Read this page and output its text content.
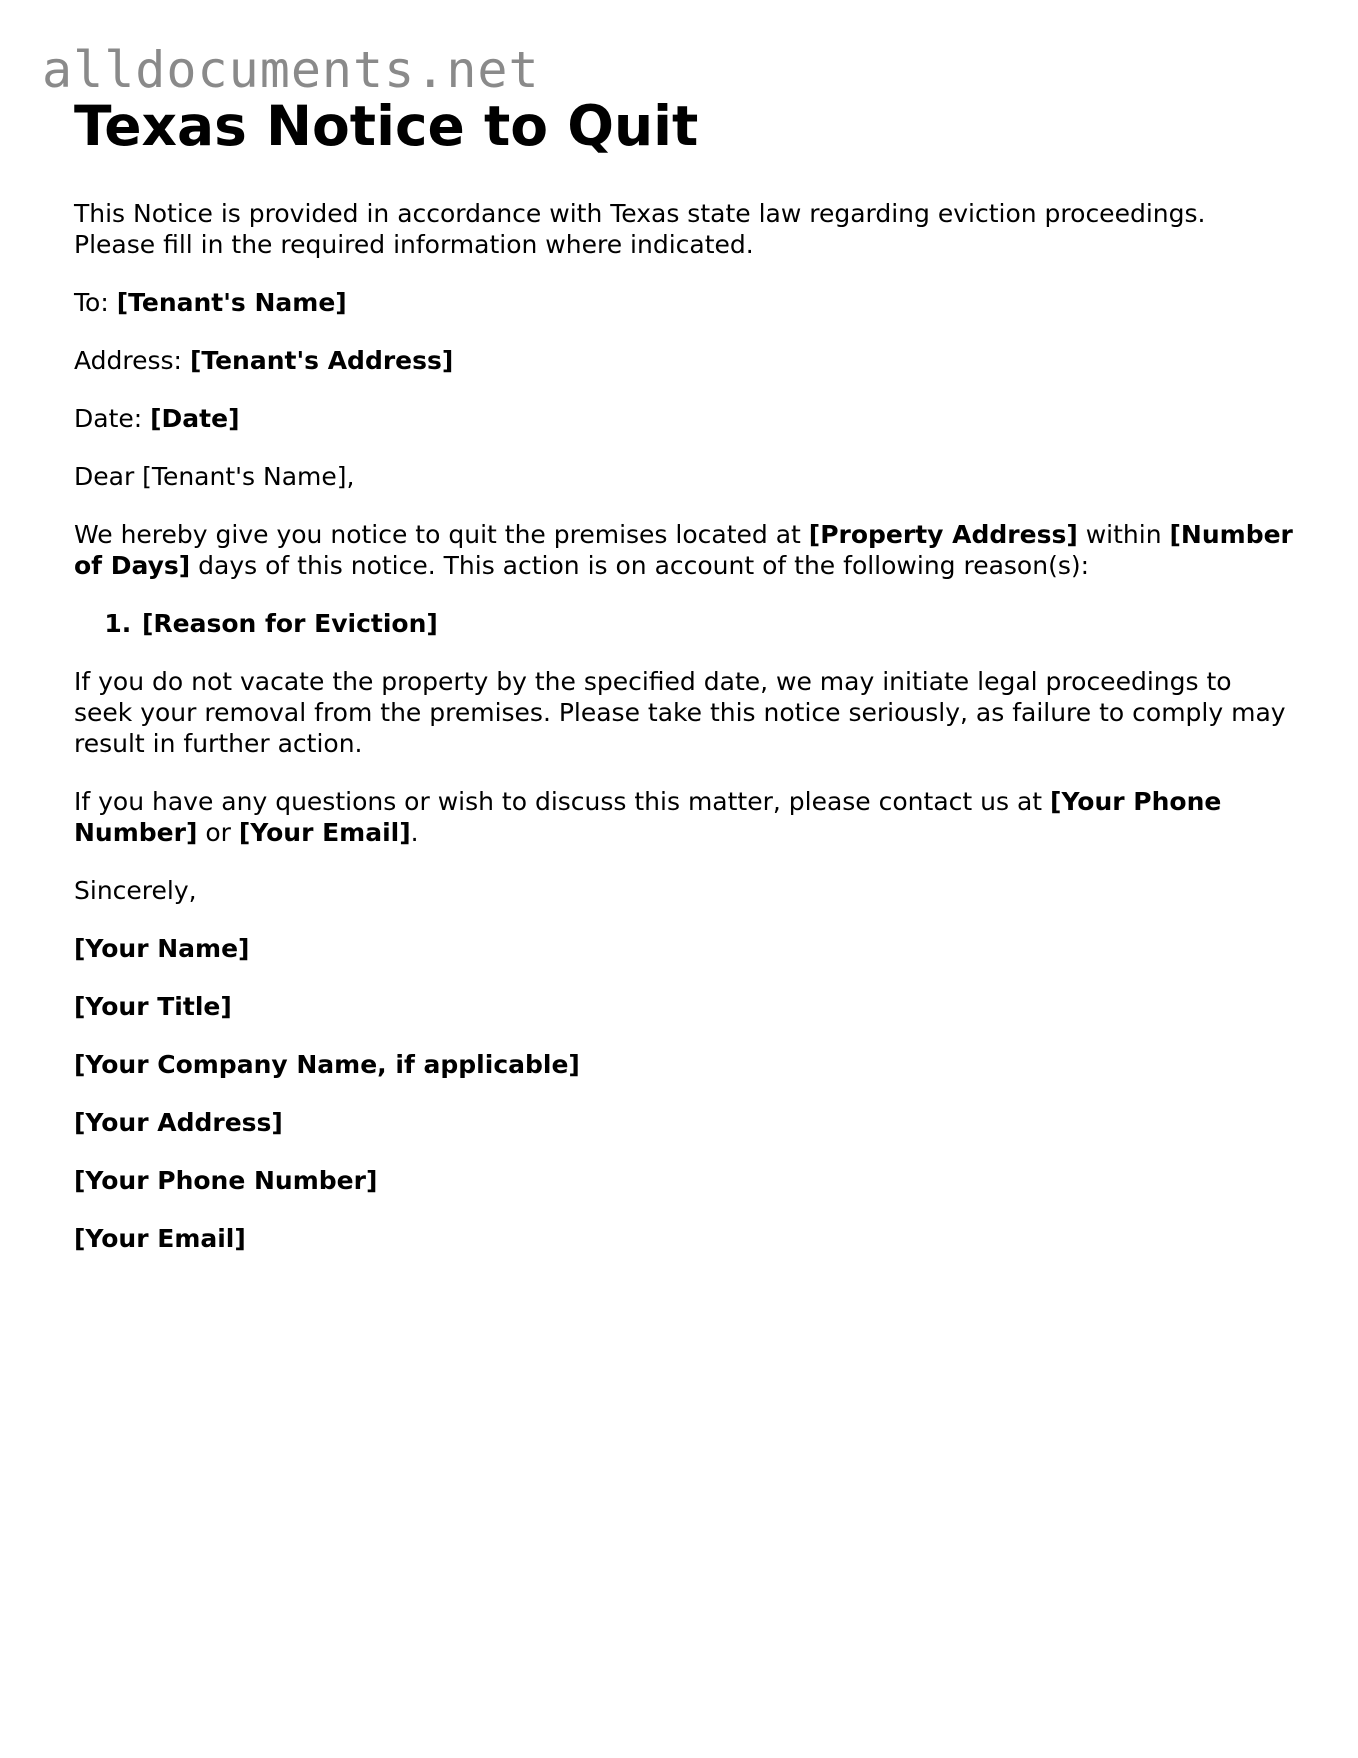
alldocuments.net
Texas Notice to Quit

This Notice is provided in accordance with Texas state law regarding eviction proceedings. Please fill in the required information where indicated.

To: [Tenant's Name]

Address: [Tenant's Address]

Date: [Date]

Dear [Tenant's Name],

We hereby give you notice to quit the premises located at [Property Address] within [Number of Days] days of this notice. This action is on account of the following reason(s):

1. [Reason for Eviction]

If you do not vacate the property by the specified date, we may initiate legal proceedings to seek your removal from the premises. Please take this notice seriously, as failure to comply may result in further action.

If you have any questions or wish to discuss this matter, please contact us at [Your Phone Number] or [Your Email].

Sincerely,

[Your Name]

[Your Title]

[Your Company Name, if applicable]

[Your Address]

[Your Phone Number]

[Your Email]
